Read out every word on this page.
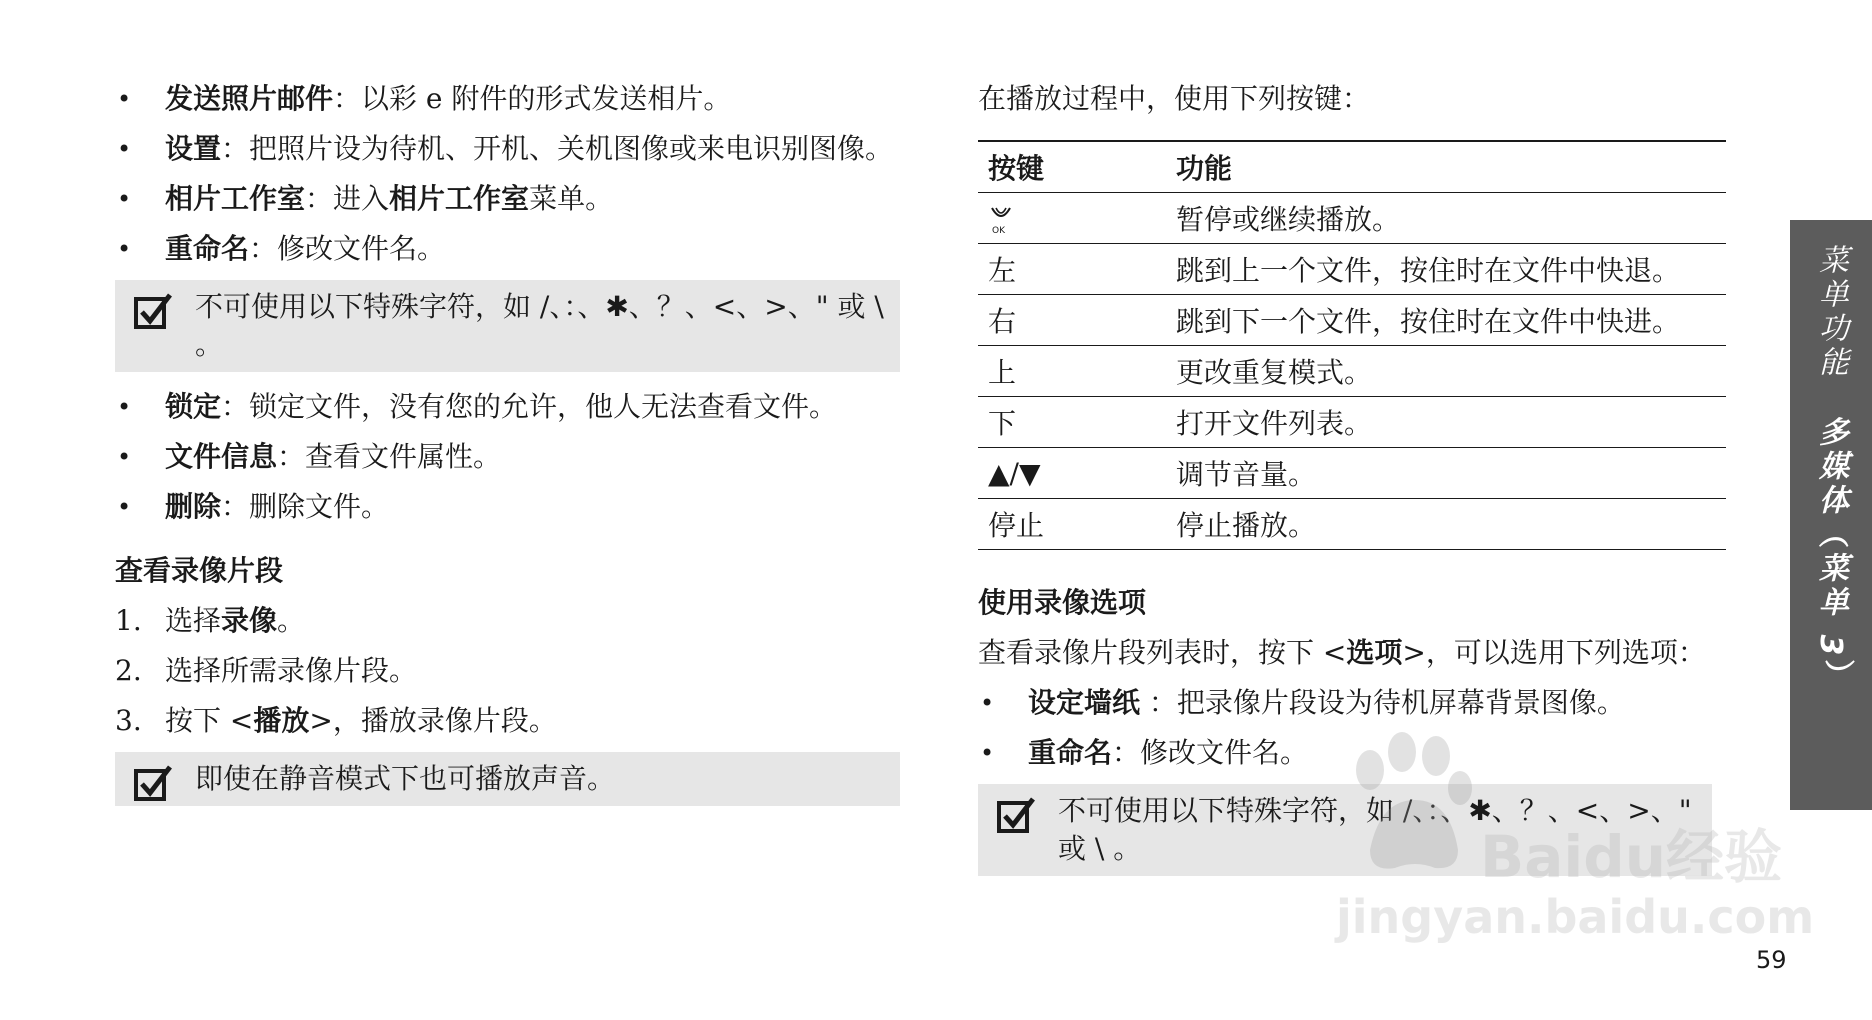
• 发送照片邮件：以彩 e 附件的形式发送相片。
• 设置：把照片设为待机、开机、关机图像或来电识别图像。
• 相片工作室：进入相片工作室菜单。
• 重命名：修改文件名。
不可使用以下特殊字符，如 /、：、✱、？、<、>、" 或 \ 。
• 锁定：锁定文件，没有您的允许，他人无法查看文件。
• 文件信息：查看文件属性。
• 删除：删除文件。
查看录像片段
1. 选择录像。
2. 选择所需录像片段。
3. 按下 <播放>，播放录像片段。
即使在静音模式下也可播放声音。

在播放过程中，使用下列按键：

按键	功能

OK	暂停或继续播放。
左	跳到上一个文件，按住时在文件中快退。
右	跳到下一个文件，按住时在文件中快进。
上	更改重复模式。
下	打开文件列表。
▲/▼	调节音量。
停止	停止播放。
使用录像选项

查看录像片段列表时，按下 <选项>，可以选用下列选项：

• 设定墙纸 ：把录像片段设为待机屏幕背景图像。
• 重命名：修改文件名。
不可使用以下特殊字符，如 /、：、✱、？、<、>、" 或 \ 。
菜单功能多媒体（菜单 3）
Baidu经验
jingyan.baidu.com
59
